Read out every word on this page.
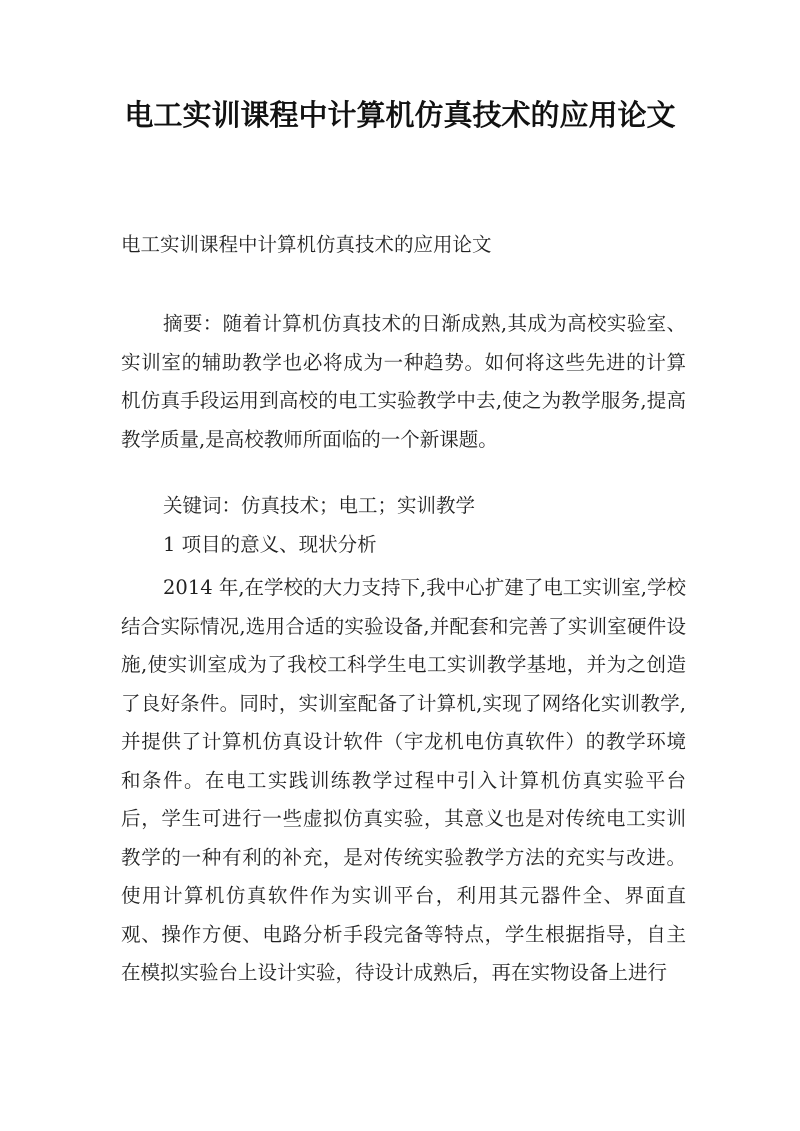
电工实训课程中计算机仿真技术的应用论文

电工实训课程中计算机仿真技术的应用论文

摘要：随着计算机仿真技术的日渐成熟,其成为高校实验室、实训室的辅助教学也必将成为一种趋势。如何将这些先进的计算机仿真手段运用到高校的电工实验教学中去,使之为教学服务,提高教学质量,是高校教师所面临的一个新课题。

关键词：仿真技术；电工；实训教学

1 项目的意义、现状分析

2014 年,在学校的大力支持下,我中心扩建了电工实训室,学校结合实际情况,选用合适的实验设备,并配套和完善了实训室硬件设施,使实训室成为了我校工科学生电工实训教学基地，并为之创造了良好条件。同时，实训室配备了计算机,实现了网络化实训教学,并提供了计算机仿真设计软件（宇龙机电仿真软件）的教学环境和条件。在电工实践训练教学过程中引入计算机仿真实验平台后，学生可进行一些虚拟仿真实验，其意义也是对传统电工实训教学的一种有利的补充，是对传统实验教学方法的充实与改进。使用计算机仿真软件作为实训平台，利用其元器件全、界面直观、操作方便、电路分析手段完备等特点，学生根据指导，自主在模拟实验台上设计实验，待设计成熟后，再在实物设备上进行
